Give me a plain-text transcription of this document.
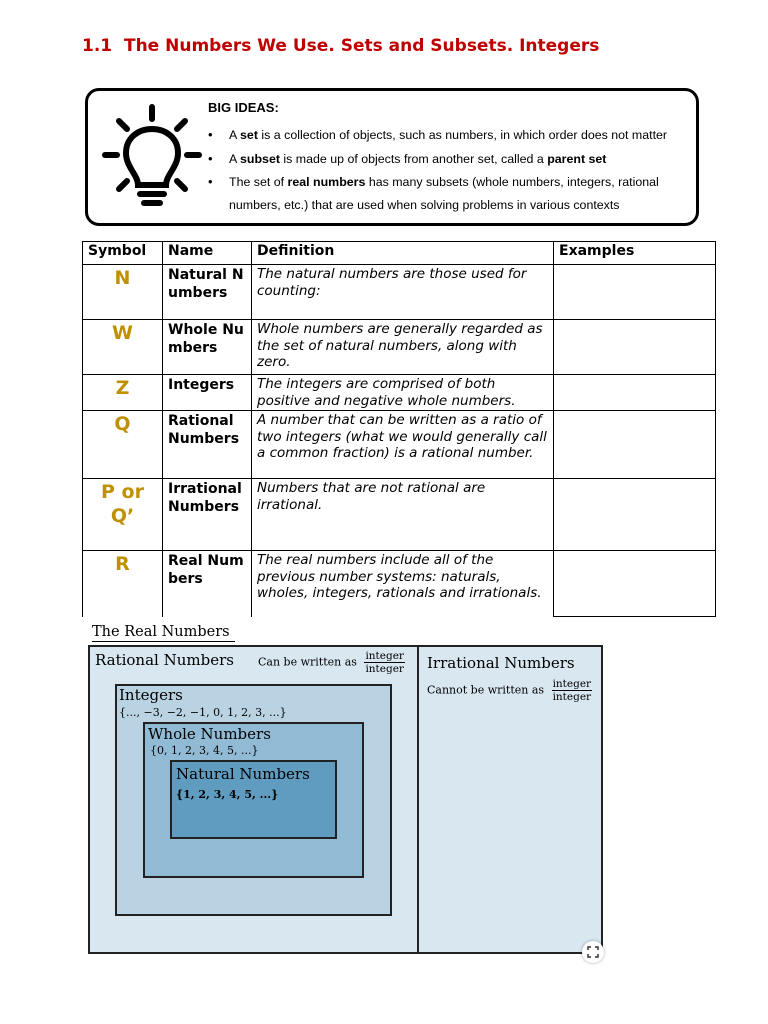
1.1 The Numbers We Use. Sets and Subsets. Integers
BIG IDEAS:
• A set is a collection of objects, such as numbers, in which order does not matter
• A subset is made up of objects from another set, called a parent set
• The set of real numbers has many subsets (whole numbers, integers, rational numbers, etc.) that are used when solving problems in various contexts
Symbol	Name	Definition	Examples
N	Natural Numbers	The natural numbers are those used for counting:	
W	Whole Numbers	Whole numbers are generally regarded as the set of natural numbers, along with zero.	
Z	Integers	The integers are comprised of both positive and negative whole numbers.	
Q	Rational Numbers	A number that can be written as a ratio of two integers (what we would generally call a common fraction) is a rational number.	
P or Q’	Irrational Numbers	Numbers that are not rational are irrational.	
R	Real Numbers	The real numbers include all of the previous number systems: naturals, wholes, integers, rationals and irrationals.	
The Real Numbers
Rational Numbers Can be written as $\frac{\text{integer}}{\text{integer}}$ Irrational Numbers
Cannot be written as $\frac{\text{integer}}{\text{integer}}$
Integers
{..., −3, −2, −1, 0, 1, 2, 3, ...}
Whole Numbers
{0, 1, 2, 3, 4, 5, ...}
Natural Numbers
{1, 2, 3, 4, 5, ...}
